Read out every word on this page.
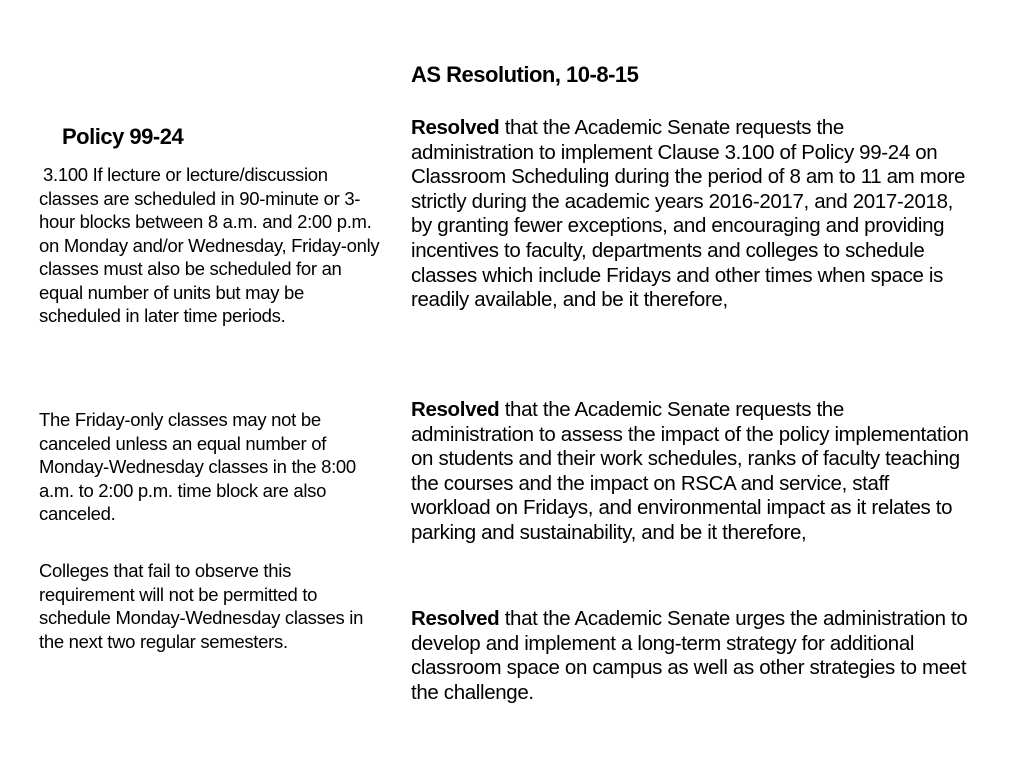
Policy 99-24
3.100 If lecture or lecture/discussion classes are scheduled in 90-minute or 3-hour blocks between 8 a.m. and 2:00 p.m. on Monday and/or Wednesday, Friday-only classes must also be scheduled for an equal number of units but may be scheduled in later time periods.
The Friday-only classes may not be canceled unless an equal number of Monday-Wednesday classes in the 8:00 a.m. to 2:00 p.m. time block are also canceled.
Colleges that fail to observe this requirement will not be permitted to schedule Monday-Wednesday classes in the next two regular semesters.
AS Resolution, 10-8-15
Resolved that the Academic Senate requests the administration to implement Clause 3.100 of Policy 99-24 on Classroom Scheduling during the period of 8 am to 11 am more strictly during the academic years 2016-2017, and 2017-2018, by granting fewer exceptions, and encouraging and providing incentives to faculty, departments and colleges to schedule classes which include Fridays and other times when space is readily available, and be it therefore,
Resolved that the Academic Senate requests the administration to assess the impact of the policy implementation on students and their work schedules, ranks of faculty teaching the courses and the impact on RSCA and service, staff workload on Fridays, and environmental impact as it relates to parking and sustainability, and be it therefore,
Resolved that the Academic Senate urges the administration to develop and implement a long-term strategy for additional classroom space on campus as well as other strategies to meet the challenge.
